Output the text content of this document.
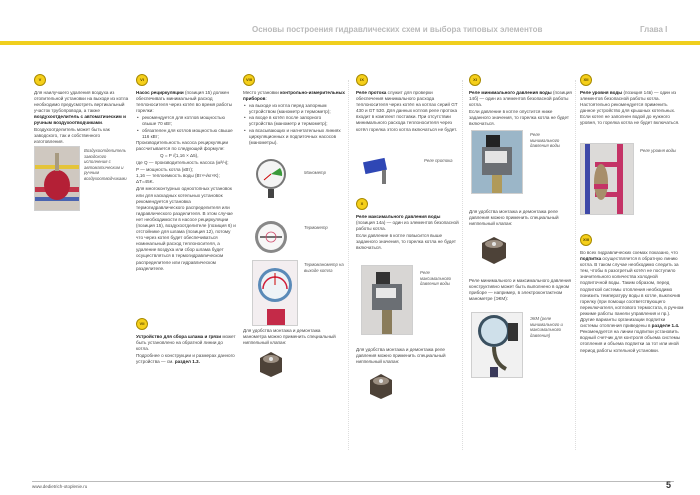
Основы построения гидравлических схем и выбора типовых элементов	Глава I
V

Для наилучшего удаления воздуха из отопительной установки на выходе из котла необходимо предусмотреть вертикальный участок трубопровода, а также воздухоотделитель с автоматическим и ручным воздухоотводчиками. Воздухоотделитель может быть как заводского, так и собственного изготовления.

Воздухоотделитель заводского исполнения с автоматическим и ручным воздухоотводчиками
VI

Насос рециркуляции (позиция 15) должен обеспечивать минимальный расход теплоносителя через котёл во время работы горелки:

• рекомендуется для котлов мощностью свыше 70 кВт;
• обязателен для котлов мощностью свыше 116 кВт;

Производительность насоса рециркуляции рассчитывается по следующей формуле:

Q = P /(1,16 × Δ5),

где Q — производительность насоса (м³/ч);

P — мощность котла (кВт);

1,16 — теплоемкость воды (Вт×ч/кг×К);

ΔT=45K.

Для многоконтурных одноотопных установок или для каскадных котельных установок рекомендуется установка термогидравлического распределителя или гидравлического разделителя. В этом случае нет необходимости в насосе рециркуляции (позиция 15), воздухоотделителе (позиция 6) и отстойнике для шлама (позиция 12), потому что через котел будет обеспечиваться номинальный расход теплоносителя, а удаление воздуха или сбор шлама будет осуществляться в термогидравлическом распределителе или гидравлическом разделителе.

VII

Устройство для сбора шлама и грязи может быть установлено на обратной линии до котла.

Подробнее о конструкции и размерах данного устройства — см. раздел 1.3.

VIII

Место установки контрольно-измерительных приборов:

• на выходе из котла перед запорным устройством (манометр и термометр);
• на входе в котёл после запорного устройства (манометр и термометр);
• на всасывающих и нагнетательных линиях циркуляционных и подпиточных насосов (манометры).
Манометр
Термометр
Термоманометр на выходе котла
Для удобства монтажа и демонтажа манометра можно применить специальный ниппельный клапан:
IX

Реле протока служит для проверки обеспечения минимального расхода теплоносителя через котёл на котлах серий GT 430 и GT 530. Для данных котлов реле протока входит в комплект поставки. При отсутствии минимального расхода теплоносителя через котёл горелка этого котла включаться не будет.

Реле протока
X

Реле максимального давления воды (позиция 14а) — один из элементов безопасной работы котла.

Если давление в котле повысится выше заданного значения, то горелка котла не будет включаться.

Реле максимального давления воды
Для удобства монтажа и демонтажа реле давления можно применить специальный ниппельный клапан:
XI

Реле минимального давления воды (позиция 14б) — один из элементов безопасной работы котла.

Если давление в котле опустится ниже заданного значения, то горелка котла не будет включаться.

Реле минимального давления воды
Для удобства монтажа и демонтажа реле давления можно применить специальный ниппельный клапан:
Реле минимального и максимального давления конструктивно может быть выполнено в одном приборе — например, в электроконтактном манометре (ЭКМ):
ЭКМ (реле минимального и максимального давления)
XII

Реле уровня воды (позиция 14в) — один из элементов безопасной работы котла. Настоятельно рекомендуется применить данное устройство для крышных котельных. Если котел не заполнен водой до нужного уровня, то горелка котла не будет включаться.

Реле уровня воды
XIII

Во всех гидравлических схемах показано, что подпитка осуществляется в обратную линию котла. В таком случае необходимо следить за тем, чтобы в разогретый котёл не поступило значительного количества холодной подпиточной воды. Таким образом, перед подпиткой системы отопления необходимо понизить температуру воды в котле, выключив горелку (при помощи соответствующего переключателя, котлового термостата, в ручном режиме работы панели управления и пр.). Другие варианты организации подпитки системы отопления приведены в разделе 1.4. Рекомендуется на линии подпитки установить водный счетчик для контроля объема системы отопления и объема подпитки за тот или иной период работы котельной установки.

www.dedietrich-otoplenie.ru	5
